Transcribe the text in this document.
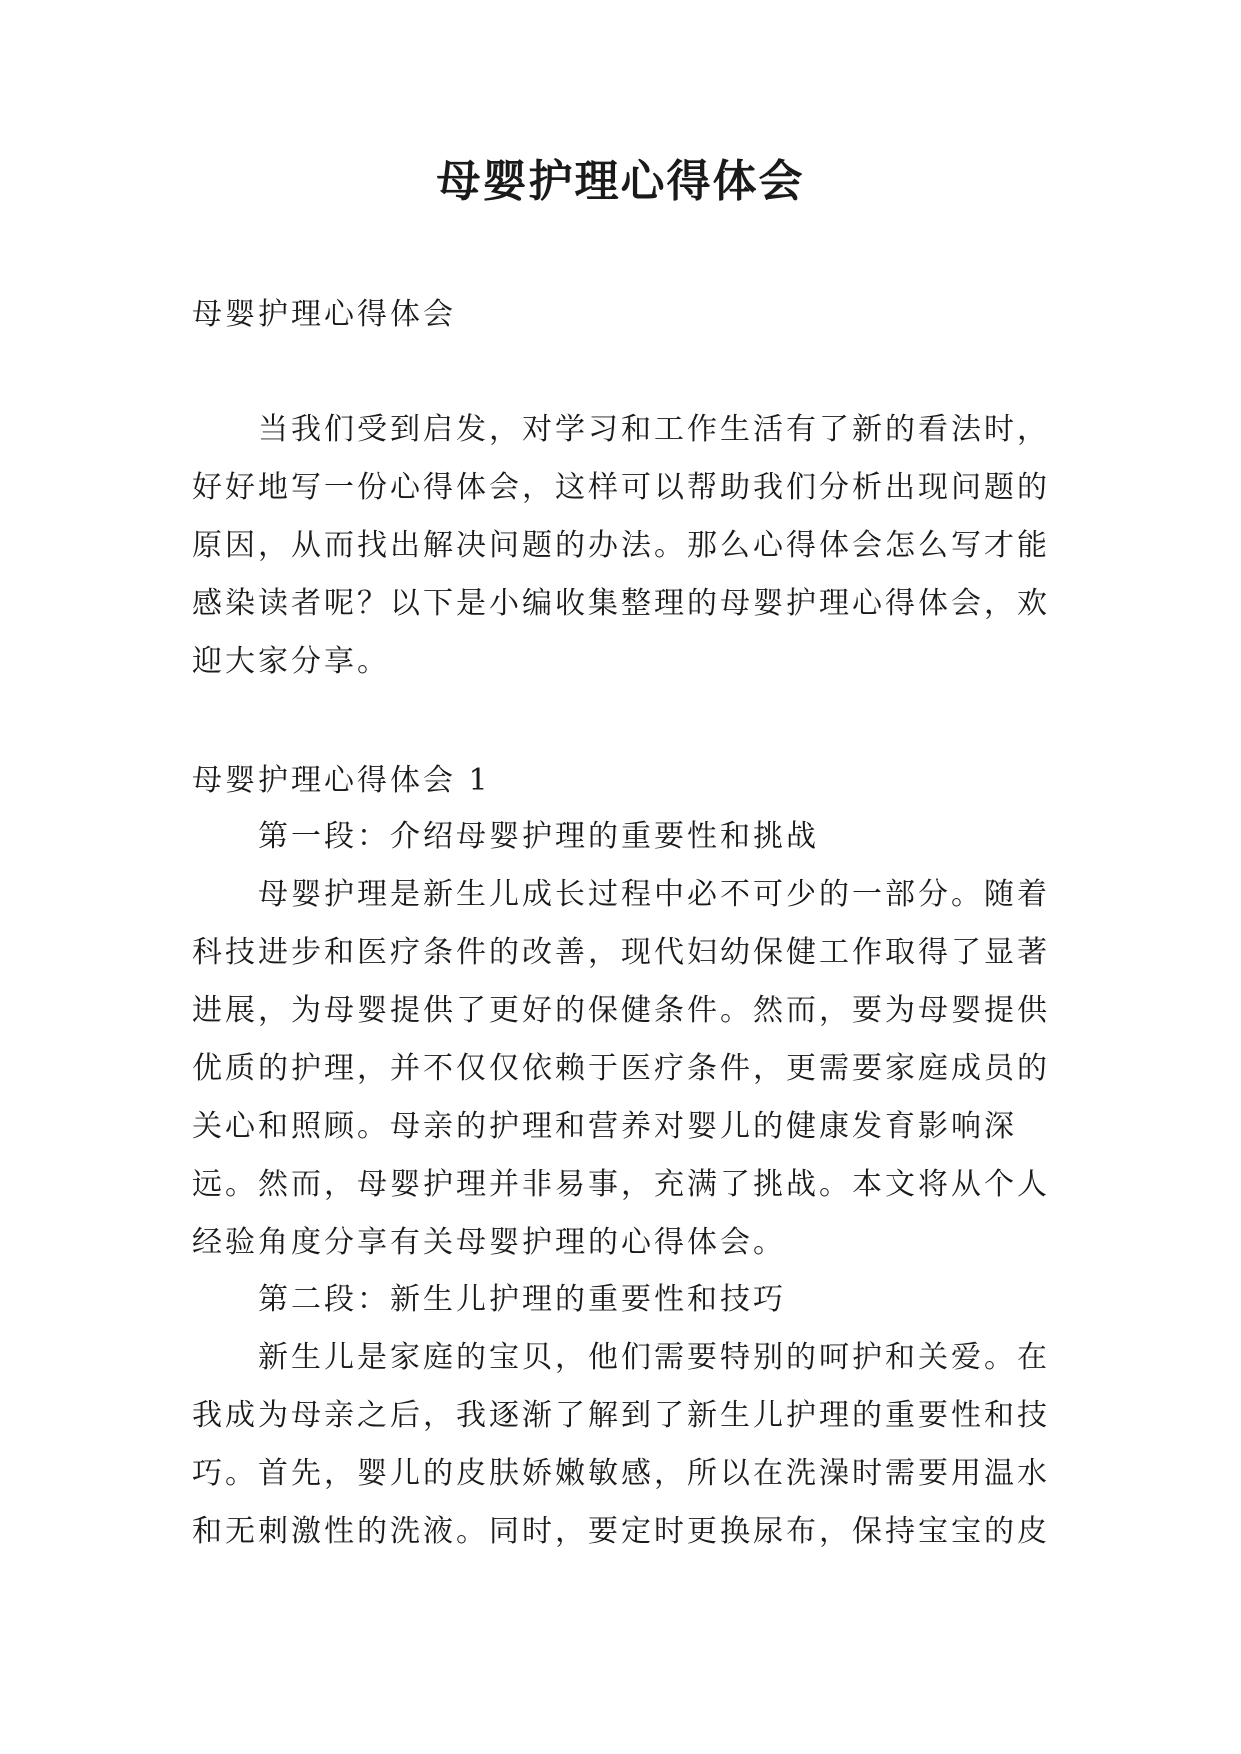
母婴护理心得体会

母婴护理心得体会

当我们受到启发，对学习和工作生活有了新的看法时，好好地写一份心得体会，这样可以帮助我们分析出现问题的原因，从而找出解决问题的办法。那么心得体会怎么写才能感染读者呢？以下是小编收集整理的母婴护理心得体会，欢迎大家分享。

母婴护理心得体会 1

第一段：介绍母婴护理的重要性和挑战

母婴护理是新生儿成长过程中必不可少的一部分。随着科技进步和医疗条件的改善，现代妇幼保健工作取得了显著进展，为母婴提供了更好的保健条件。然而，要为母婴提供优质的护理，并不仅仅依赖于医疗条件，更需要家庭成员的关心和照顾。母亲的护理和营养对婴儿的健康发育影响深远。然而，母婴护理并非易事，充满了挑战。本文将从个人经验角度分享有关母婴护理的心得体会。

第二段：新生儿护理的重要性和技巧

新生儿是家庭的宝贝，他们需要特别的呵护和关爱。在我成为母亲之后，我逐渐了解到了新生儿护理的重要性和技巧。首先，婴儿的皮肤娇嫩敏感，所以在洗澡时需要用温水和无刺激性的洗液。同时，要定时更换尿布，保持宝宝的皮
